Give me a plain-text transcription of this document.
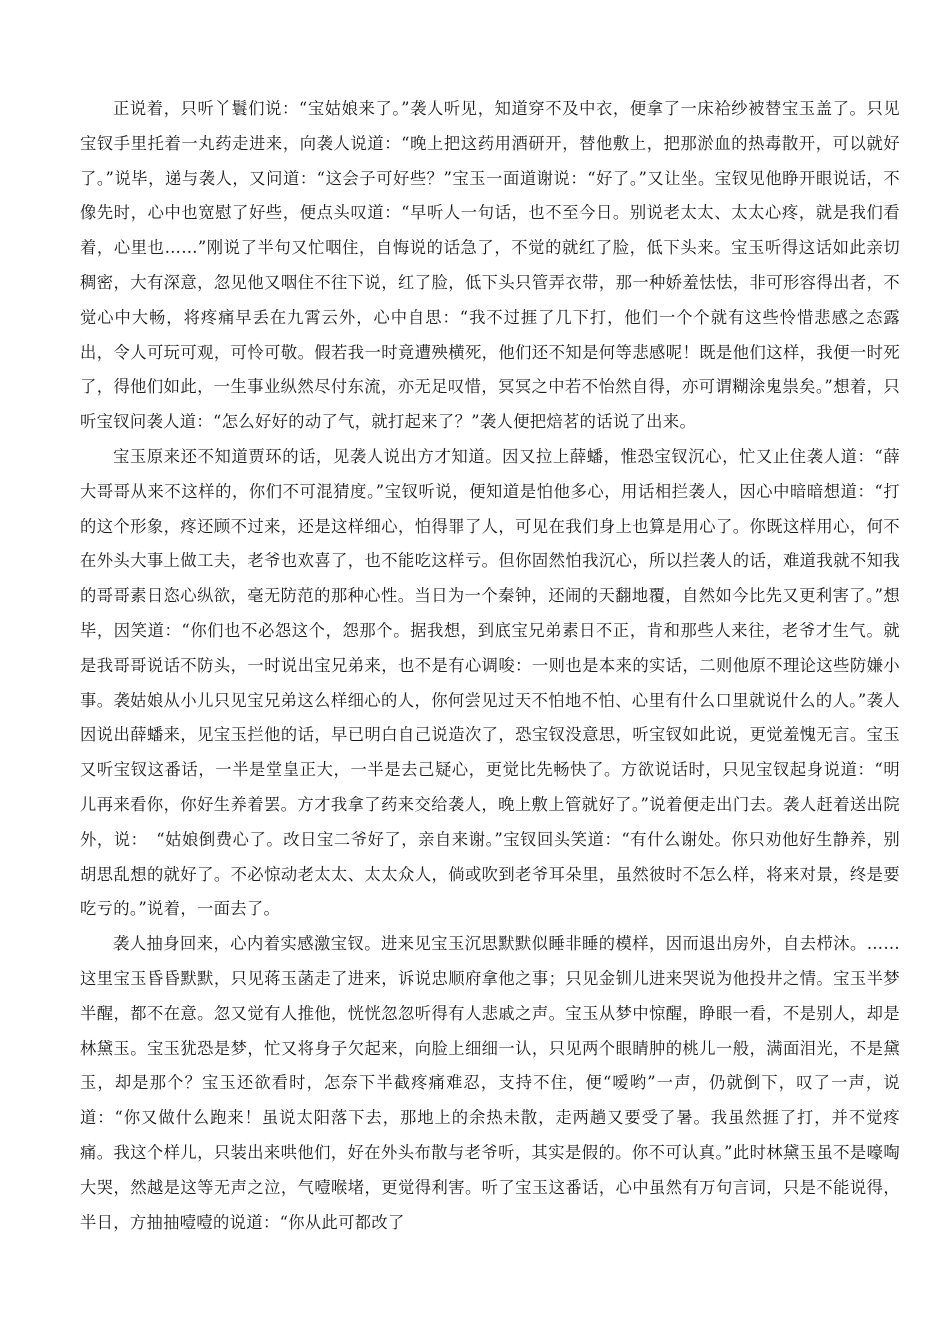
正说着，只听丫鬟们说：“宝姑娘来了。”袭人听见，知道穿不及中衣，便拿了一床袷纱被替宝玉盖了。只见宝钗手里托着一丸药走进来，向袭人说道：“晚上把这药用酒研开，替他敷上，把那淤血的热毒散开，可以就好了。”说毕，递与袭人，又问道：“这会子可好些？”宝玉一面道谢说：“好了。”又让坐。宝钗见他睁开眼说话，不像先时，心中也宽慰了好些，便点头叹道：“早听人一句话，也不至今日。别说老太太、太太心疼，就是我们看着，心里也……”刚说了半句又忙咽住，自悔说的话急了，不觉的就红了脸，低下头来。宝玉听得这话如此亲切稠密，大有深意，忽见他又咽住不往下说，红了脸，低下头只管弄衣带，那一种娇羞怯怯，非可形容得出者，不觉心中大畅，将疼痛早丢在九霄云外，心中自思：“我不过捱了几下打，他们一个个就有这些怜惜悲感之态露出，令人可玩可观，可怜可敬。假若我一时竟遭殃横死，他们还不知是何等悲感呢！既是他们这样，我便一时死了，得他们如此，一生事业纵然尽付东流，亦无足叹惜，冥冥之中若不怡然自得，亦可谓糊涂鬼祟矣。”想着，只听宝钗问袭人道：“怎么好好的动了气，就打起来了？”袭人便把焙茗的话说了出来。

宝玉原来还不知道贾环的话，见袭人说出方才知道。因又拉上薛蟠，惟恐宝钗沉心，忙又止住袭人道：“薛大哥哥从来不这样的，你们不可混猜度。”宝钗听说，便知道是怕他多心，用话相拦袭人，因心中暗暗想道：“打的这个形象，疼还顾不过来，还是这样细心，怕得罪了人，可见在我们身上也算是用心了。你既这样用心，何不在外头大事上做工夫，老爷也欢喜了，也不能吃这样亏。但你固然怕我沉心，所以拦袭人的话，难道我就不知我的哥哥素日恣心纵欲，毫无防范的那种心性。当日为一个秦钟，还闹的天翻地覆，自然如今比先又更利害了。”想毕，因笑道：“你们也不必怨这个，怨那个。据我想，到底宝兄弟素日不正，肯和那些人来往，老爷才生气。就是我哥哥说话不防头，一时说出宝兄弟来，也不是有心调唆：一则也是本来的实话，二则他原不理论这些防嫌小事。袭姑娘从小儿只见宝兄弟这么样细心的人，你何尝见过天不怕地不怕、心里有什么口里就说什么的人。”袭人因说出薛蟠来，见宝玉拦他的话，早已明白自己说造次了，恐宝钗没意思，听宝钗如此说，更觉羞愧无言。宝玉又听宝钗这番话，一半是堂皇正大，一半是去己疑心，更觉比先畅快了。方欲说话时，只见宝钗起身说道：“明儿再来看你，你好生养着罢。方才我拿了药来交给袭人，晚上敷上管就好了。”说着便走出门去。袭人赶着送出院外，说：　“姑娘倒费心了。改日宝二爷好了，亲自来谢。”宝钗回头笑道：“有什么谢处。你只劝他好生静养，别胡思乱想的就好了。不必惊动老太太、太太众人，倘或吹到老爷耳朵里，虽然彼时不怎么样，将来对景，终是要吃亏的。”说着，一面去了。

袭人抽身回来，心内着实感激宝钗。进来见宝玉沉思默默似睡非睡的模样，因而退出房外，自去栉沐。……这里宝玉昏昏默默，只见蒋玉菡走了进来，诉说忠顺府拿他之事；只见金钏儿进来哭说为他投井之情。宝玉半梦半醒，都不在意。忽又觉有人推他，恍恍忽忽听得有人悲戚之声。宝玉从梦中惊醒，睁眼一看，不是别人，却是林黛玉。宝玉犹恐是梦，忙又将身子欠起来，向脸上细细一认，只见两个眼睛肿的桃儿一般，满面泪光，不是黛玉，却是那个？宝玉还欲看时，怎奈下半截疼痛难忍，支持不住，便“嗳哟”一声，仍就倒下，叹了一声，说道：“你又做什么跑来！虽说太阳落下去，那地上的余热未散，走两趟又要受了暑。我虽然捱了打，并不觉疼痛。我这个样儿，只装出来哄他们，好在外头布散与老爷听，其实是假的。你不可认真。”此时林黛玉虽不是嚎啕大哭，然越是这等无声之泣，气噎喉堵，更觉得利害。听了宝玉这番话，心中虽然有万句言词，只是不能说得，半日，方抽抽噎噎的说道：“你从此可都改了
